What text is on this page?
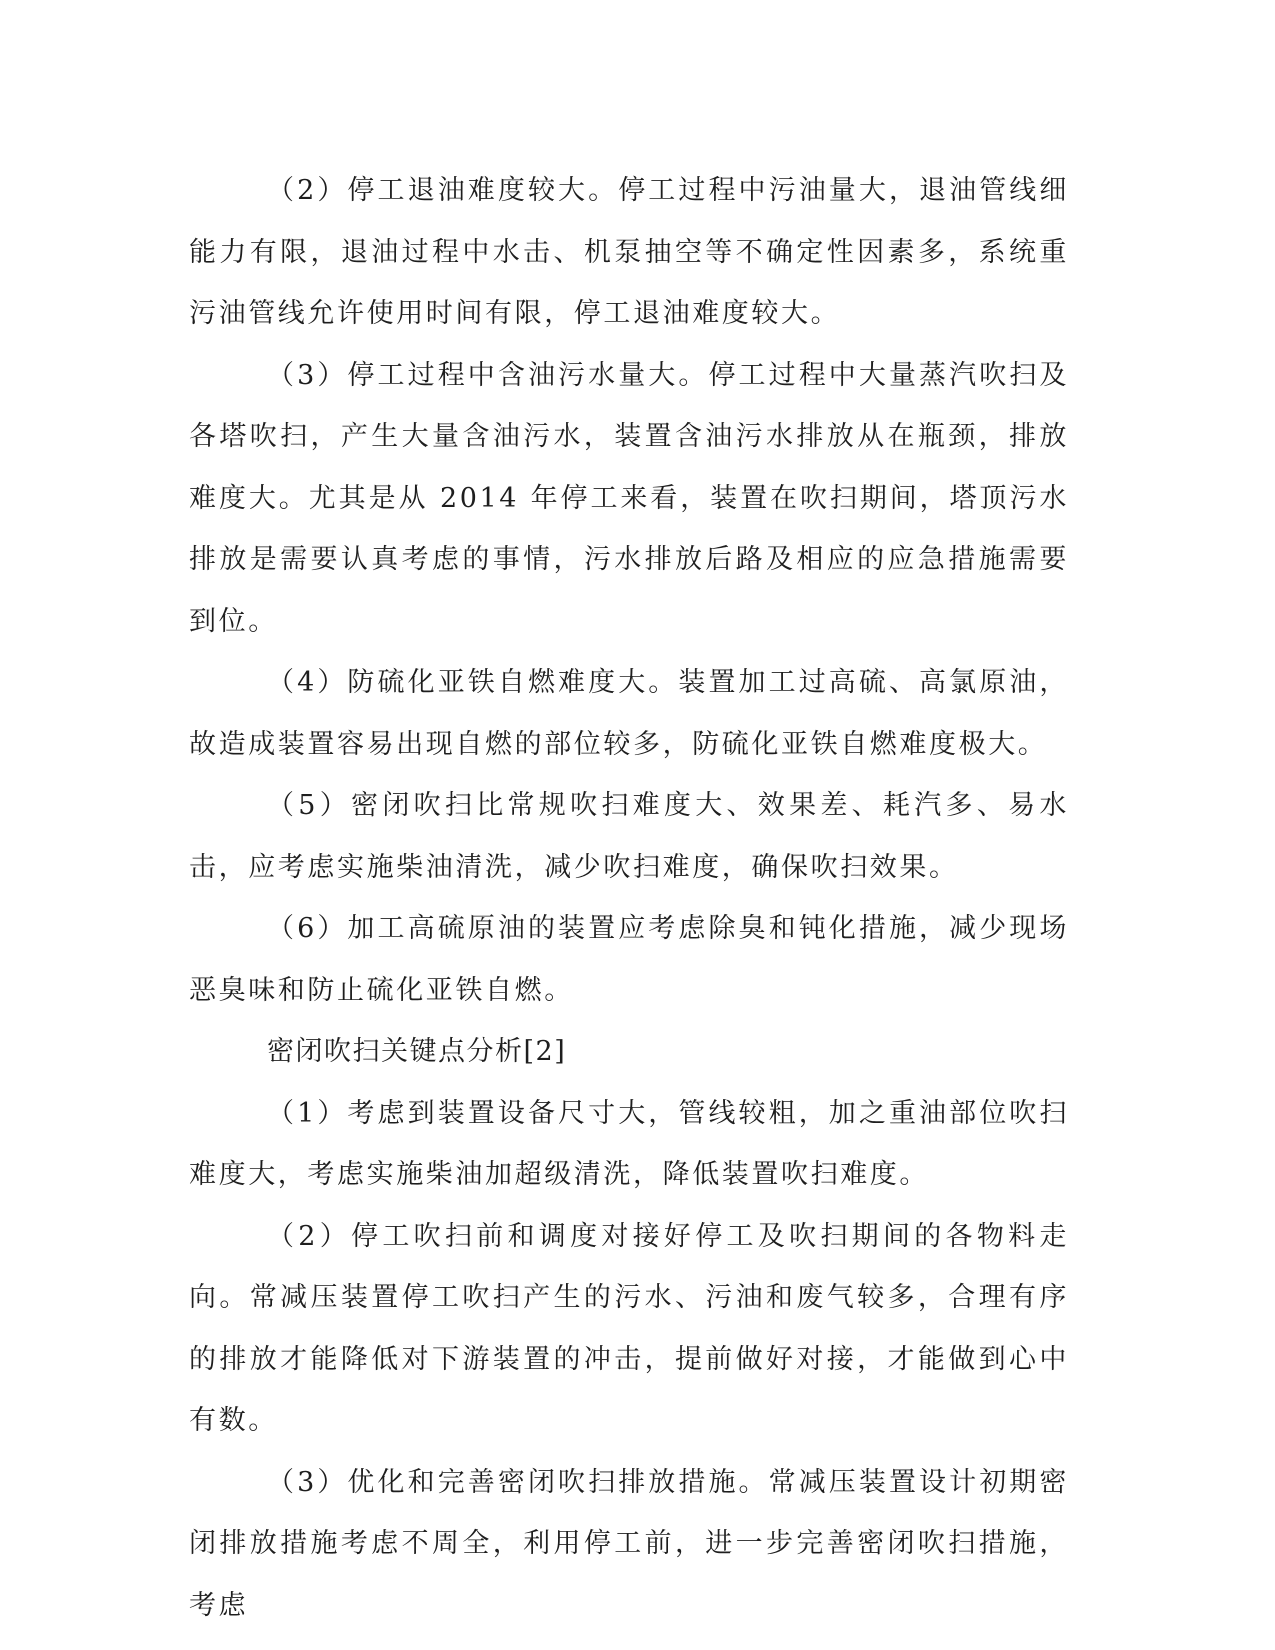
（2）停工退油难度较大。停工过程中污油量大，退油管线细能力有限，退油过程中水击、机泵抽空等不确定性因素多，系统重污油管线允许使用时间有限，停工退油难度较大。

（3）停工过程中含油污水量大。停工过程中大量蒸汽吹扫及各塔吹扫，产生大量含油污水，装置含油污水排放从在瓶颈，排放难度大。尤其是从 2014 年停工来看，装置在吹扫期间，塔顶污水排放是需要认真考虑的事情，污水排放后路及相应的应急措施需要到位。

（4）防硫化亚铁自燃难度大。装置加工过高硫、高氯原油，故造成装置容易出现自燃的部位较多，防硫化亚铁自燃难度极大。

（5）密闭吹扫比常规吹扫难度大、效果差、耗汽多、易水击，应考虑实施柴油清洗，减少吹扫难度，确保吹扫效果。

（6）加工高硫原油的装置应考虑除臭和钝化措施，减少现场恶臭味和防止硫化亚铁自燃。

密闭吹扫关键点分析[2]

（1）考虑到装置设备尺寸大，管线较粗，加之重油部位吹扫难度大，考虑实施柴油加超级清洗，降低装置吹扫难度。

（2）停工吹扫前和调度对接好停工及吹扫期间的各物料走向。常减压装置停工吹扫产生的污水、污油和废气较多，合理有序的排放才能降低对下游装置的冲击，提前做好对接，才能做到心中有数。

（3）优化和完善密闭吹扫排放措施。常减压装置设计初期密闭排放措施考虑不周全，利用停工前，进一步完善密闭吹扫措施，考虑
